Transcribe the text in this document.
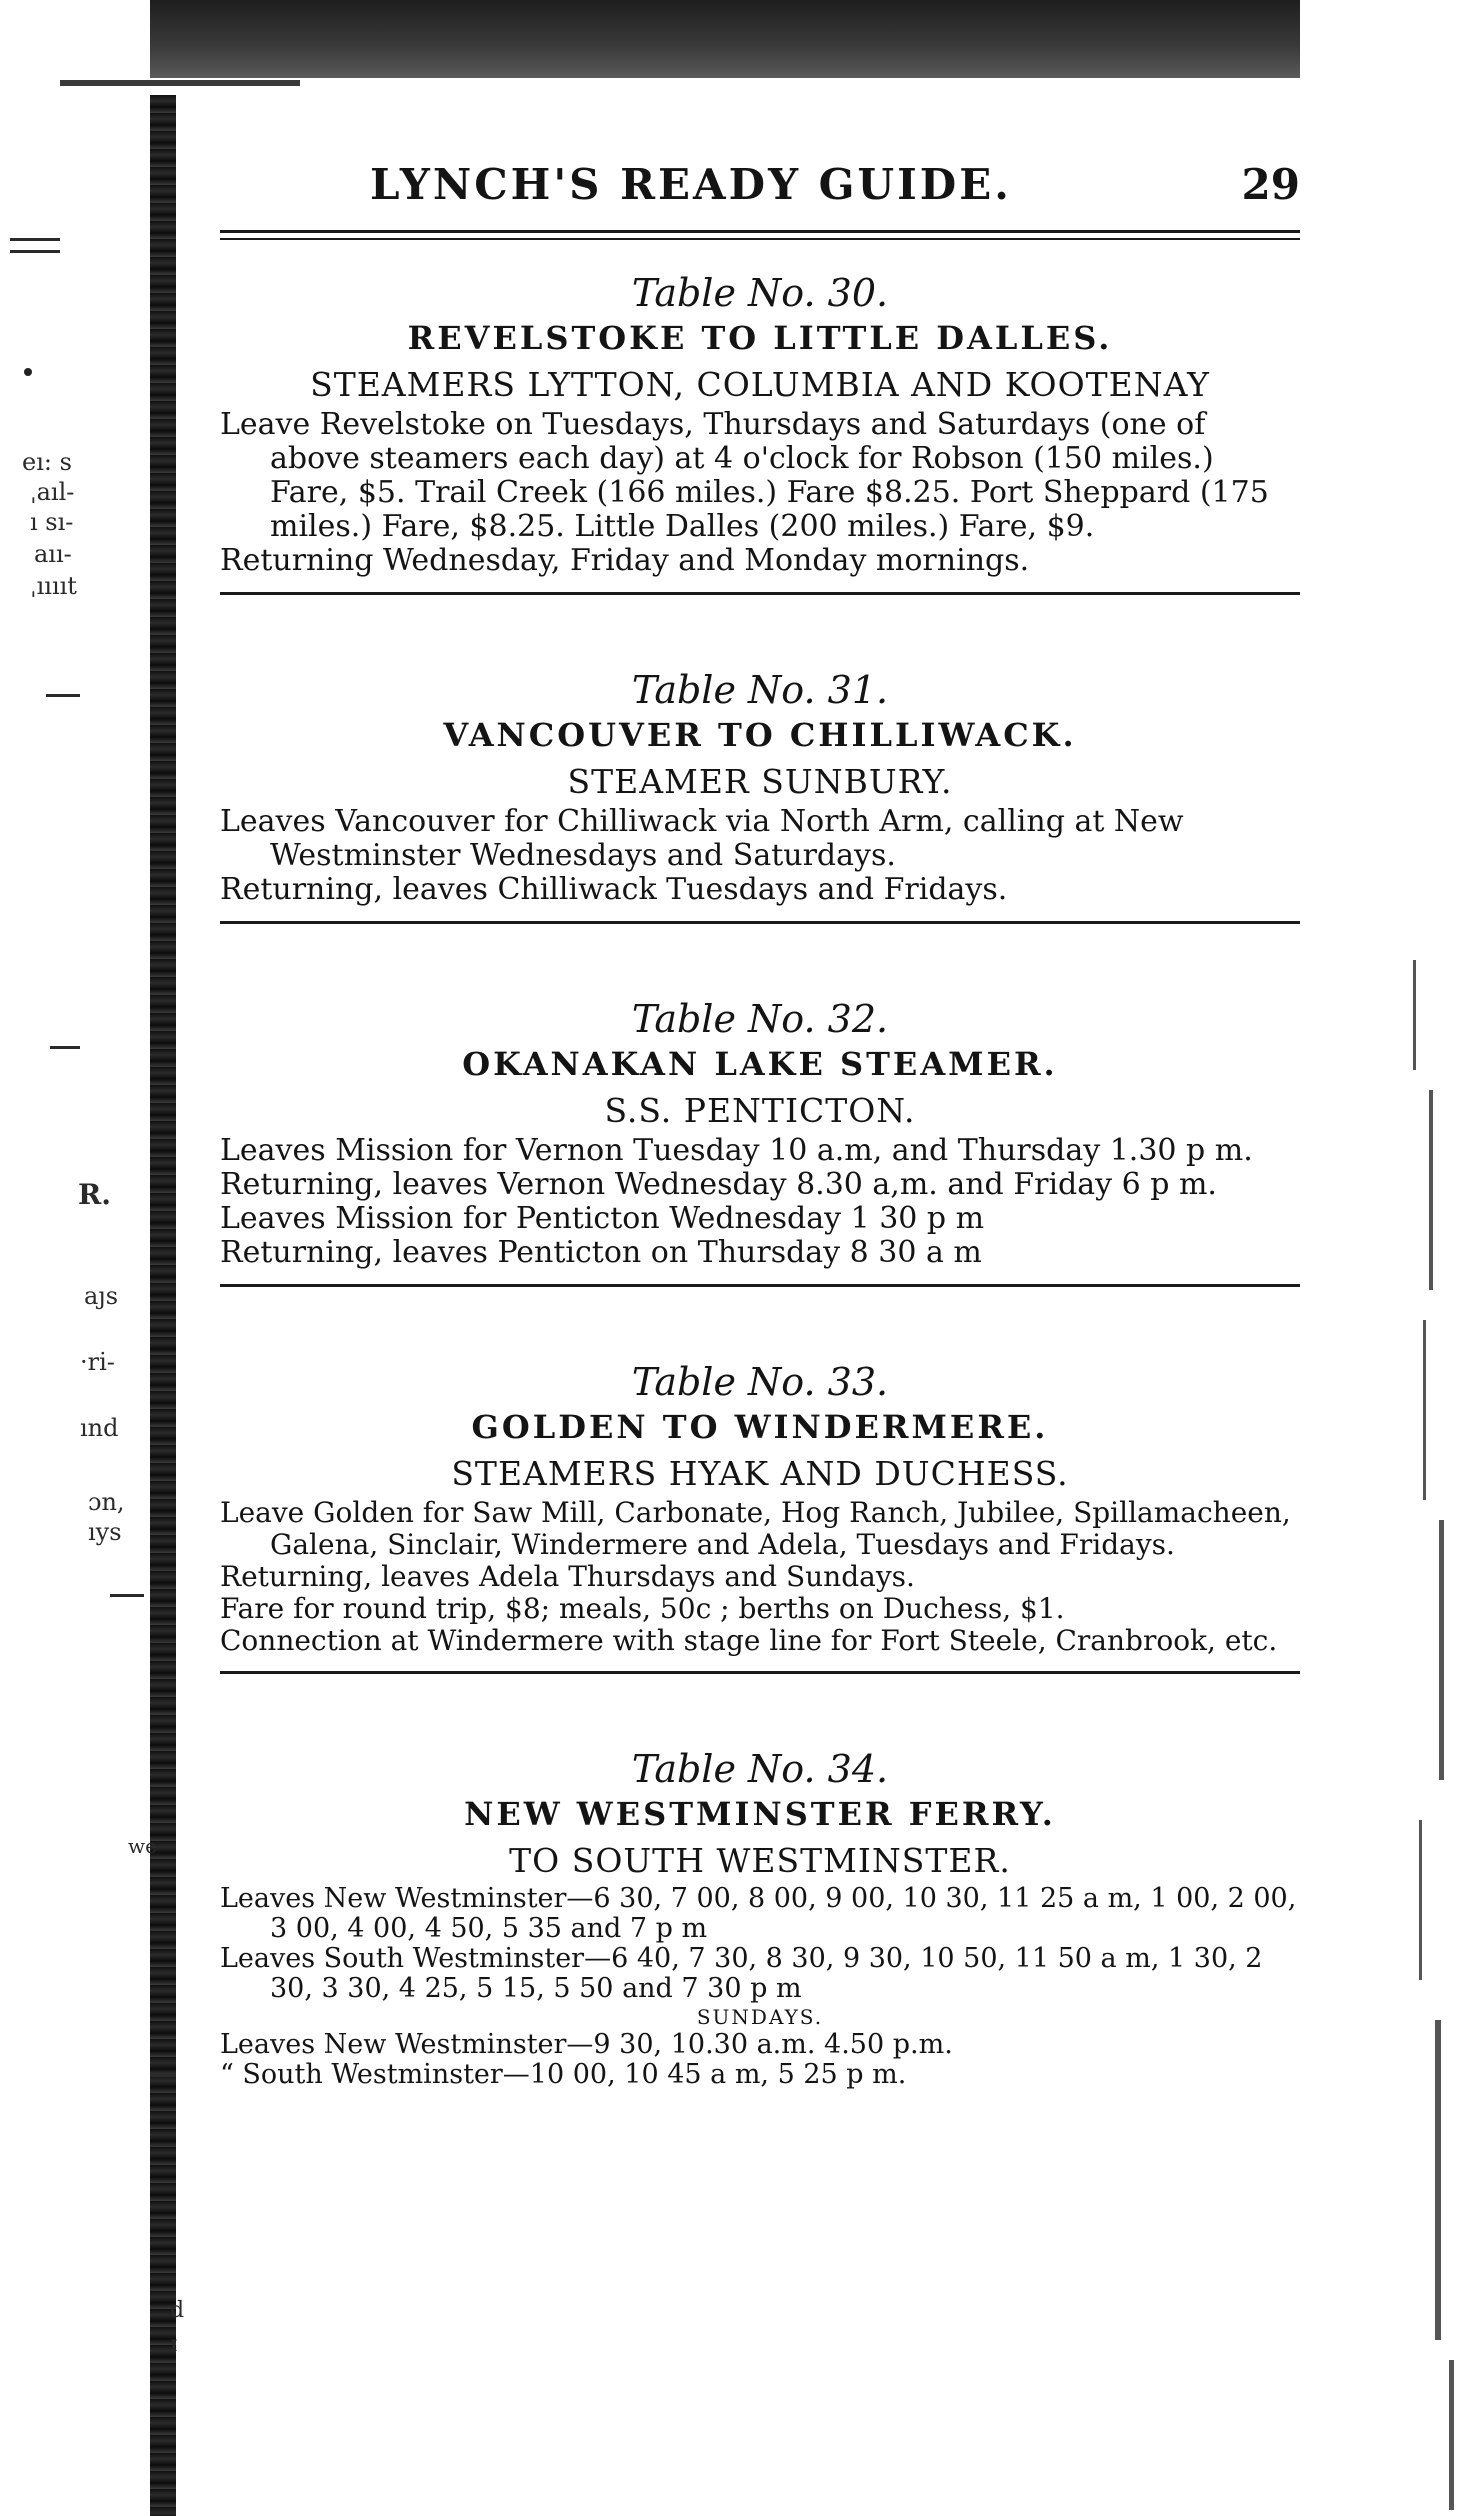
eı: s
ˌaıl-
ı sı-
aıı-
ˌııııt
R.
aȷs
·ri-
ınd
ɔn,
ıys
we
d
ɪ
LYNCH'S READY GUIDE.	29

Table No. 30.

REVELSTOKE TO LITTLE DALLES.

STEAMERS LYTTON, COLUMBIA AND KOOTENAY

Leave Revelstoke on Tuesdays, Thursdays and Saturdays (one of above steamers each day) at 4 o'clock for Robson (150 miles.) Fare, $5. Trail Creek (166 miles.) Fare $8.25. Port Sheppard (175 miles.) Fare, $8.25. Little Dalles (200 miles.) Fare, $9.

Returning Wednesday, Friday and Monday mornings.

Table No. 31.

VANCOUVER TO CHILLIWACK.

STEAMER SUNBURY.

Leaves Vancouver for Chilliwack via North Arm, calling at New Westminster Wednesdays and Saturdays.

Returning, leaves Chilliwack Tuesdays and Fridays.

Table No. 32.

OKANAKAN LAKE STEAMER.

S.S. PENTICTON.

Leaves Mission for Vernon Tuesday 10 a.m, and Thursday 1.30 p m.

Returning, leaves Vernon Wednesday 8.30 a,m. and Friday 6 p m.

Leaves Mission for Penticton Wednesday 1 30 p m

Returning, leaves Penticton on Thursday 8 30 a m

Table No. 33.

GOLDEN TO WINDERMERE.

STEAMERS HYAK AND DUCHESS.

Leave Golden for Saw Mill, Carbonate, Hog Ranch, Jubilee, Spillamacheen, Galena, Sinclair, Windermere and Adela, Tuesdays and Fridays.

Returning, leaves Adela Thursdays and Sundays.

Fare for round trip, $8; meals, 50c ; berths on Duchess, $1.

Connection at Windermere with stage line for Fort Steele, Cranbrook, etc.

Table No. 34.

NEW WESTMINSTER FERRY.

TO SOUTH WESTMINSTER.

Leaves New Westminster—6 30, 7 00, 8 00, 9 00, 10 30, 11 25 a m, 1 00, 2 00, 3 00, 4 00, 4 50, 5 35 and 7 p m

Leaves South Westminster—6 40, 7 30, 8 30, 9 30, 10 50, 11 50 a m, 1 30, 2 30, 3 30, 4 25, 5 15, 5 50 and 7 30 p m

SUNDAYS.

Leaves New Westminster—9 30, 10.30 a.m. 4.50 p.m.

“ South Westminster—10 00, 10 45 a m, 5 25 p m.
